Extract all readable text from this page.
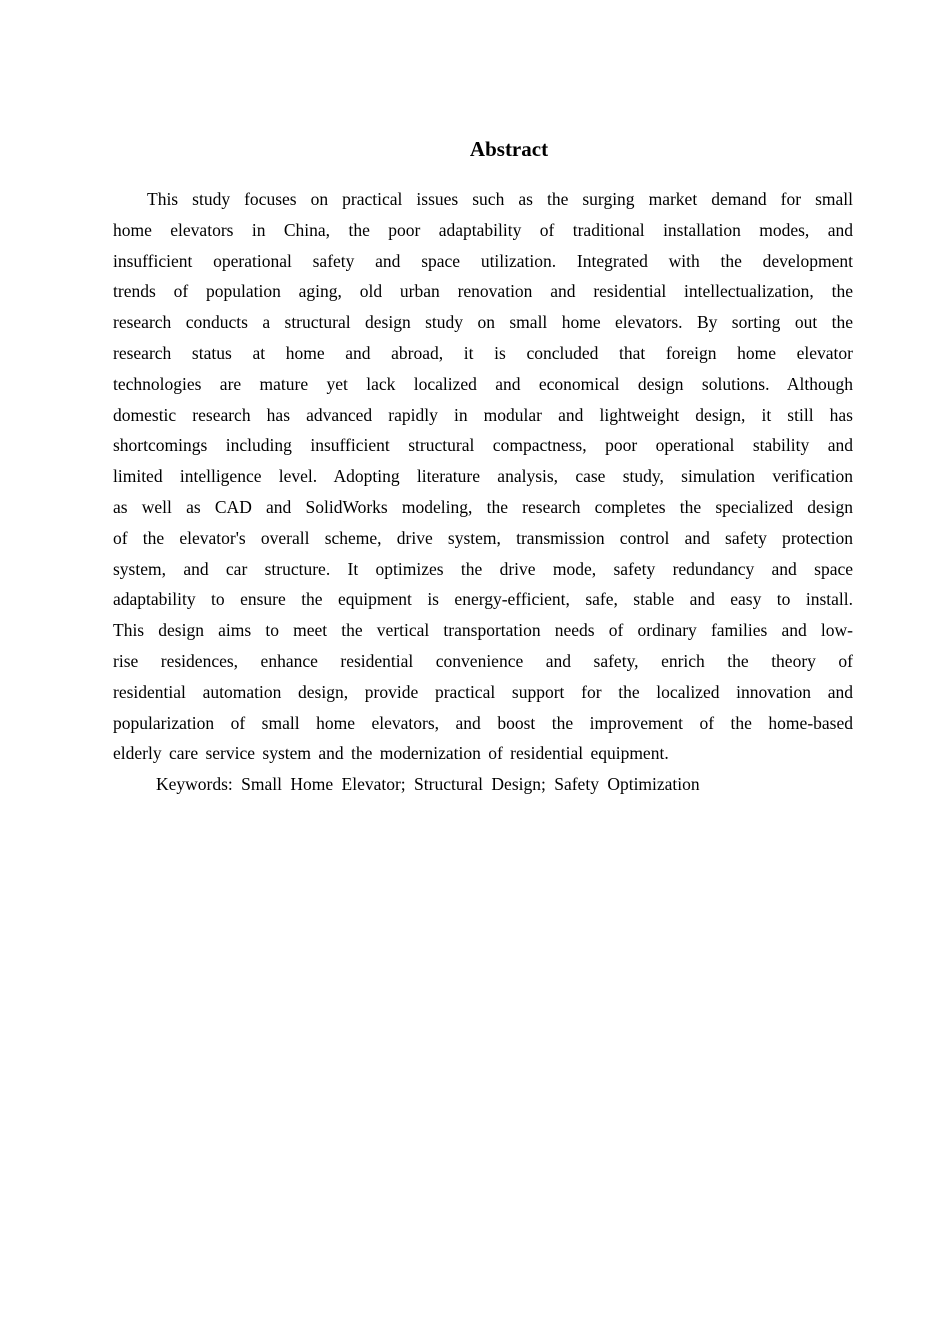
Abstract
This study focuses on practical issues such as the surging market demand for small
home elevators in China, the poor adaptability of traditional installation modes, and
insufficient operational safety and space utilization. Integrated with the development
trends of population aging, old urban renovation and residential intellectualization, the
research conducts a structural design study on small home elevators. By sorting out the
research status at home and abroad, it is concluded that foreign home elevator
technologies are mature yet lack localized and economical design solutions. Although
domestic research has advanced rapidly in modular and lightweight design, it still has
shortcomings including insufficient structural compactness, poor operational stability and
limited intelligence level. Adopting literature analysis, case study, simulation verification
as well as CAD and SolidWorks modeling, the research completes the specialized design
of the elevator's overall scheme, drive system, transmission control and safety protection
system, and car structure. It optimizes the drive mode, safety redundancy and space
adaptability to ensure the equipment is energy-efficient, safe, stable and easy to install.
This design aims to meet the vertical transportation needs of ordinary families and low-
rise residences, enhance residential convenience and safety, enrich the theory of
residential automation design, provide practical support for the localized innovation and
popularization of small home elevators, and boost the improvement of the home-based
elderly care service system and the modernization of residential equipment.
Keywords: Small Home Elevator; Structural Design; Safety Optimization
